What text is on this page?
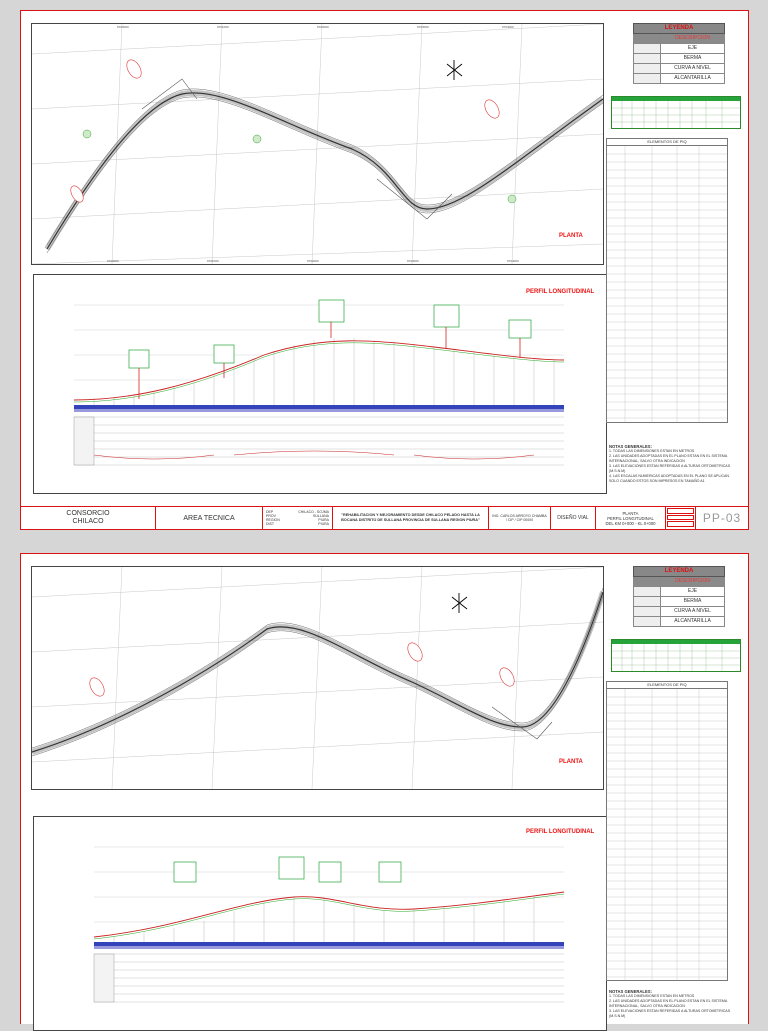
9700000	9701000	9702000	9703000	9704000
9700000	9701000	9702000	9703000	9704000
PLANTA
PERFIL LONGITUDINAL
LEYENDA
DESCRIPCION
EJE
BERMA
CURVA A NIVEL
ALCANTARILLA
ELEMENTOS DE PIQ
NOTAS GENERALES:
1. TODAS LAS DIMENSIONES ESTAN EN METROS
2. LAS UNIDADES ADOPTADAS EN EL PLANO ESTAN EN EL SISTEMA INTERNACIONAL, SALVO OTRA INDICACION
3. LAS ELEVACIONES ESTAN REFERIDAS A ALTURAS ORTOMETRICAS (M.S.N.M)
4. LAS ESCALAS NUMERICAS ADOPTADAS EN EL PLANO SE APLICAN SOLO CUANDO ESTOS SON IMPRESOS EN TAMAÑO A1
CONSORCIO
CHILACO	AREA TECNICA
DEP	CHILACO - SOJMA
PROV	SULLANA
REGION	PIURA
DIST	PIURA
"REHABILITACION Y MEJORAMIENTO DESDE CHILACO PELADO HASTA LA BOCANA DISTRITO DE SULLANA PROVINCIA DE SULLANA REGION PIURA"
ING. CARLOS ARROYO CHAMBA / CIP / CIP 00000	DISEÑO VIAL
PLANTA
PERFIL LONGITUDINAL
DEL KM 0+000 - KL 0+000	PP-03
PLANTA
PERFIL LONGITUDINAL
LEYENDA
DESCRIPCION
EJE
BERMA
CURVA A NIVEL
ALCANTARILLA
ELEMENTOS DE PIQ
NOTAS GENERALES:
1. TODAS LAS DIMENSIONES ESTAN EN METROS
2. LAS UNIDADES ADOPTADAS EN EL PLANO ESTAN EN EL SISTEMA INTERNACIONAL, SALVO OTRA INDICACION
3. LAS ELEVACIONES ESTAN REFERIDAS A ALTURAS ORTOMETRICAS (M.S.N.M)
